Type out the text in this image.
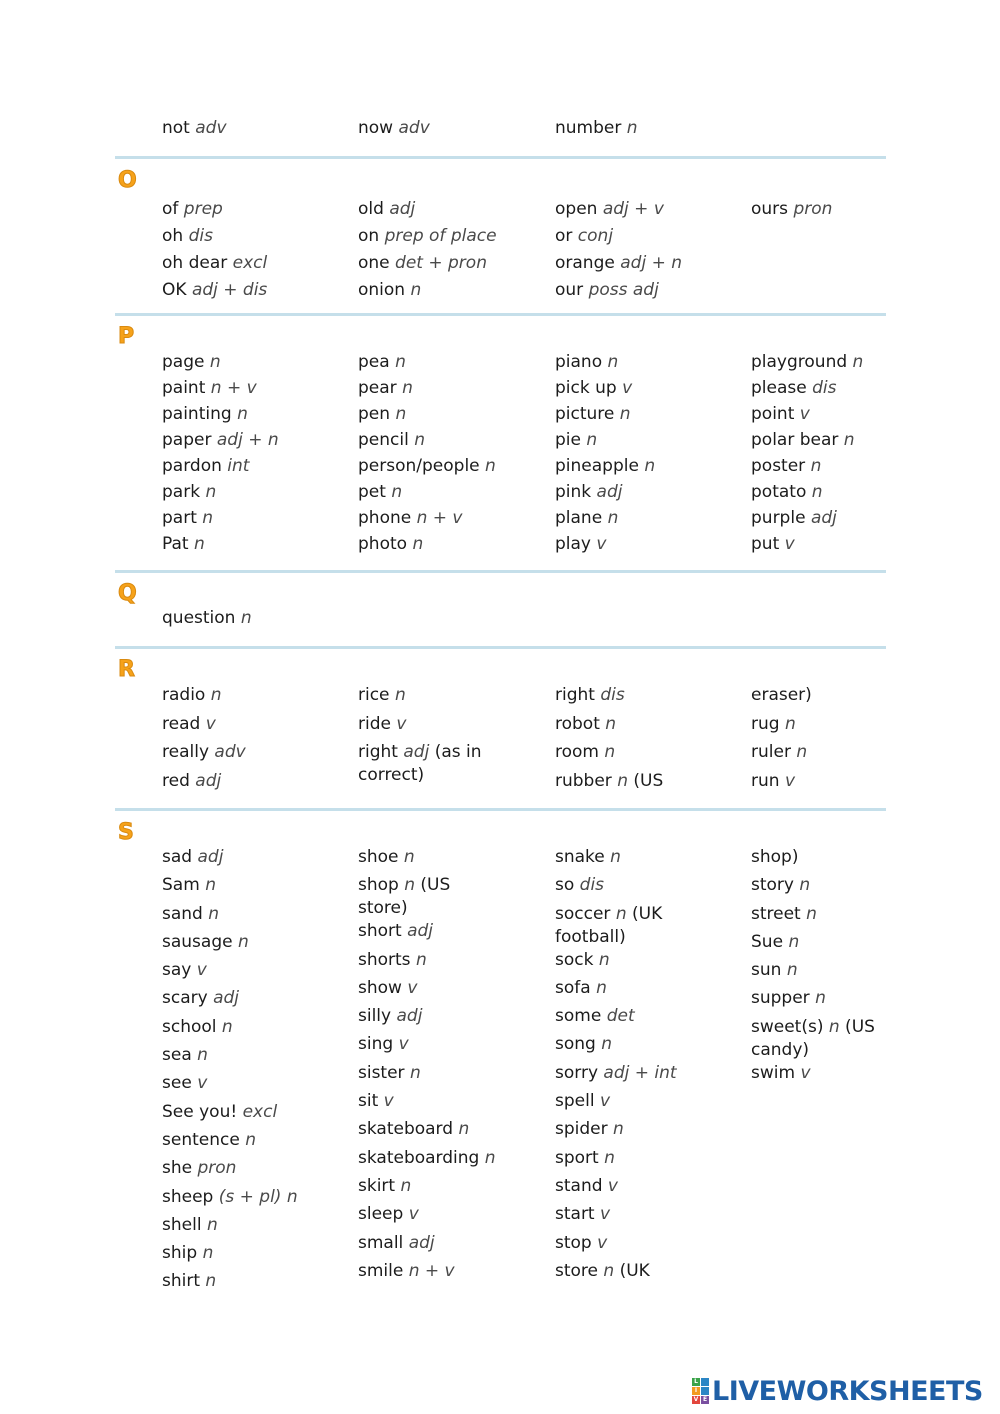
O
P
Q
R
S
not adv	now adv	number n
of prep
oh dis
oh dear excl
OK adj + dis
old adj
on prep of place
one det + pron
onion n
open adj + v
or conj
orange adj + n
our poss adj
ours pron
page n
paint n + v
painting n
paper adj + n
pardon int
park n
part n
Pat n
pea n
pear n
pen n
pencil n
person/people n
pet n
phone n + v
photo n
piano n
pick up v
picture n
pie n
pineapple n
pink adj
plane n
play v
playground n
please dis
point v
polar bear n
poster n
potato n
purple adj
put v
question n
radio n
read v
really adv
red adj
rice n
ride v
right adj (as in correct)
right dis
robot n
room n
rubber n (US
eraser)
rug n
ruler n
run v
sad adj
Sam n
sand n
sausage n
say v
scary adj
school n
sea n
see v
See you! excl
sentence n
she pron
sheep (s + pl) n
shell n
ship n
shirt n
shoe n
shop n (US store)
short adj
shorts n
show v
silly adj
sing v
sister n
sit v
skateboard n
skateboarding n
skirt n
sleep v
small adj
smile n + v
snake n
so dis
soccer n (UK football)
sock n
sofa n
some det
song n
sorry adj + int
spell v
spider n
sport n
stand v
start v
stop v
store n (UK
shop)
story n
street n
Sue n
sun n
supper n
sweet(s) n (US candy)
swim v
L
I
V E LIVEWORKSHEETS
